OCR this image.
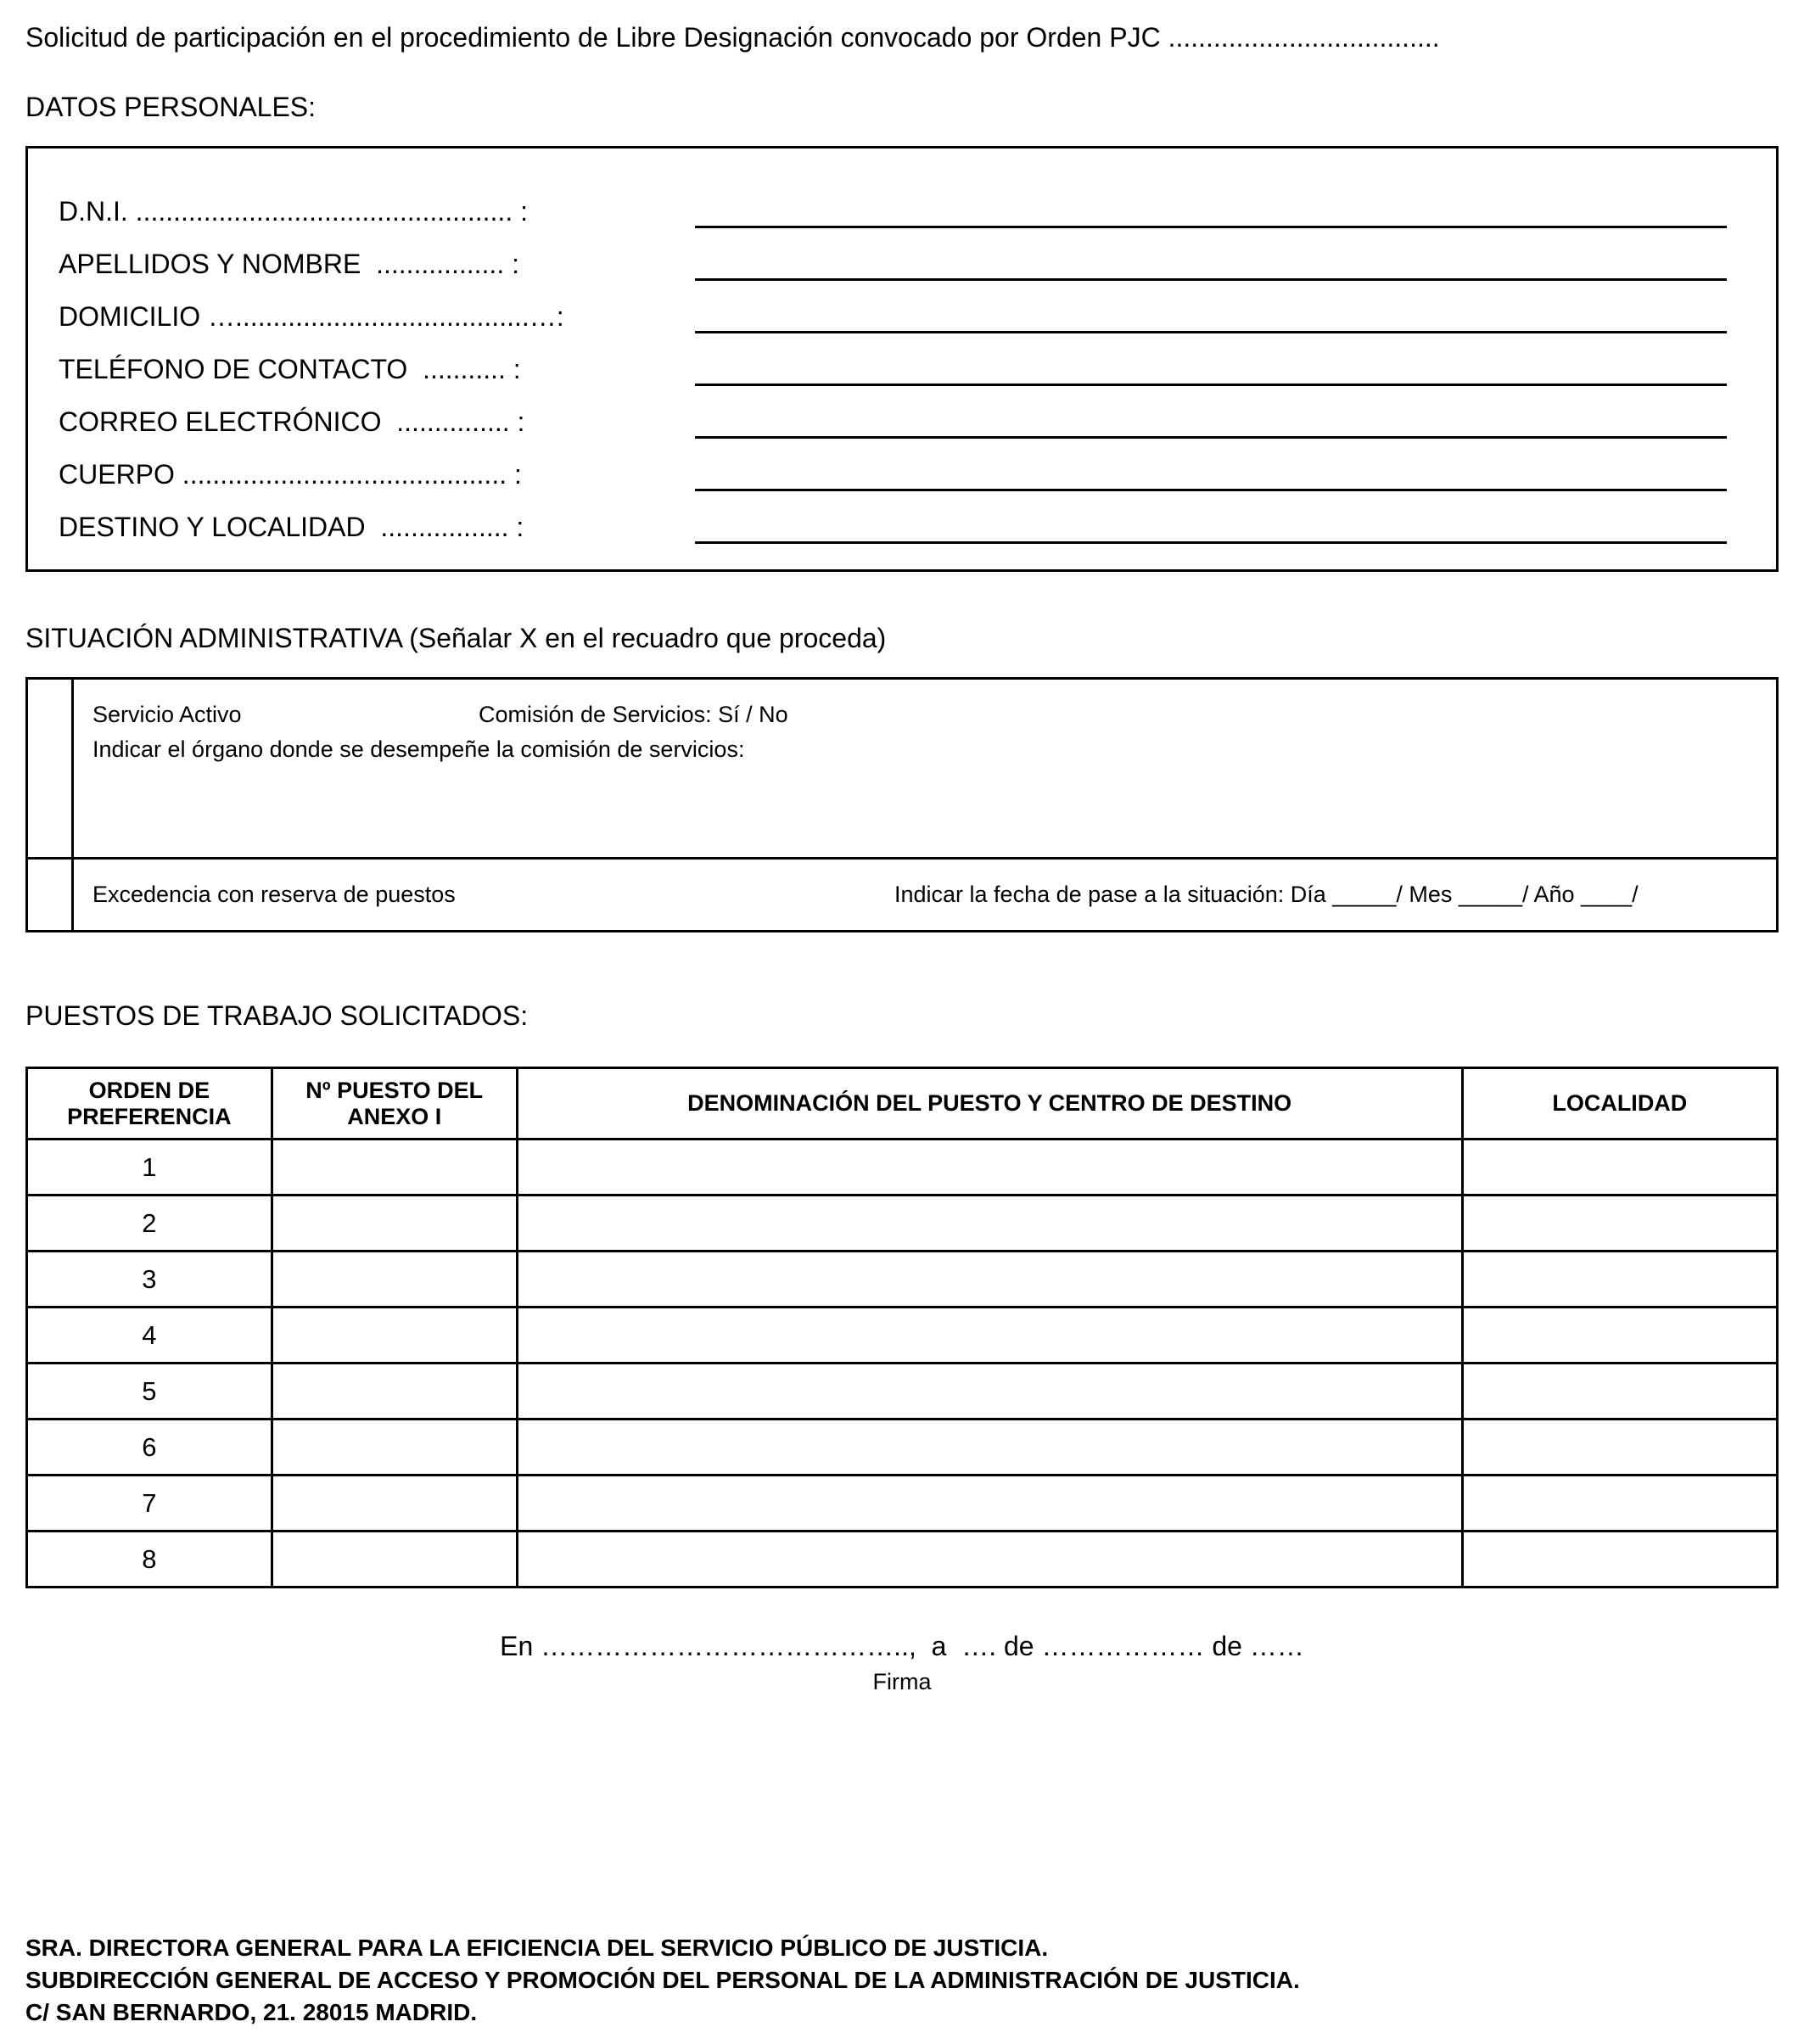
Solicitud de participación en el procedimiento de Libre Designación convocado por Orden PJC ....................................
DATOS PERSONALES:
D.N.I. .................................................. :
APELLIDOS Y NOMBRE  ................. :
DOMICILIO ….......................................…:
TELÉFONO DE CONTACTO  ........... :
CORREO ELECTRÓNICO  ............... :
CUERPO ........................................... :
DESTINO Y LOCALIDAD  ................. :
SITUACIÓN ADMINISTRATIVA (Señalar X en el recuadro que proceda)

	Servicio Activo Comisión de Servicios: Sí / No
Indicar el órgano donde se desempeñe la comisión de servicios:

	Excedencia con reserva de puestos Indicar la fecha de pase a la situación: Día _____/ Mes _____/ Año ____/
PUESTOS DE TRABAJO SOLICITADOS:
ORDEN DE PREFERENCIA	Nº PUESTO DEL ANEXO I	DENOMINACIÓN DEL PUESTO Y CENTRO DE DESTINO	LOCALIDAD
1			
2			
3			
4			
5			
6			
7			
8			
En …………………………………..,  a  …. de ……………… de ……
Firma
SRA. DIRECTORA GENERAL PARA LA EFICIENCIA DEL SERVICIO PÚBLICO DE JUSTICIA.
SUBDIRECCIÓN GENERAL DE ACCESO Y PROMOCIÓN DEL PERSONAL DE LA ADMINISTRACIÓN DE JUSTICIA.
C/ SAN BERNARDO, 21. 28015 MADRID.
